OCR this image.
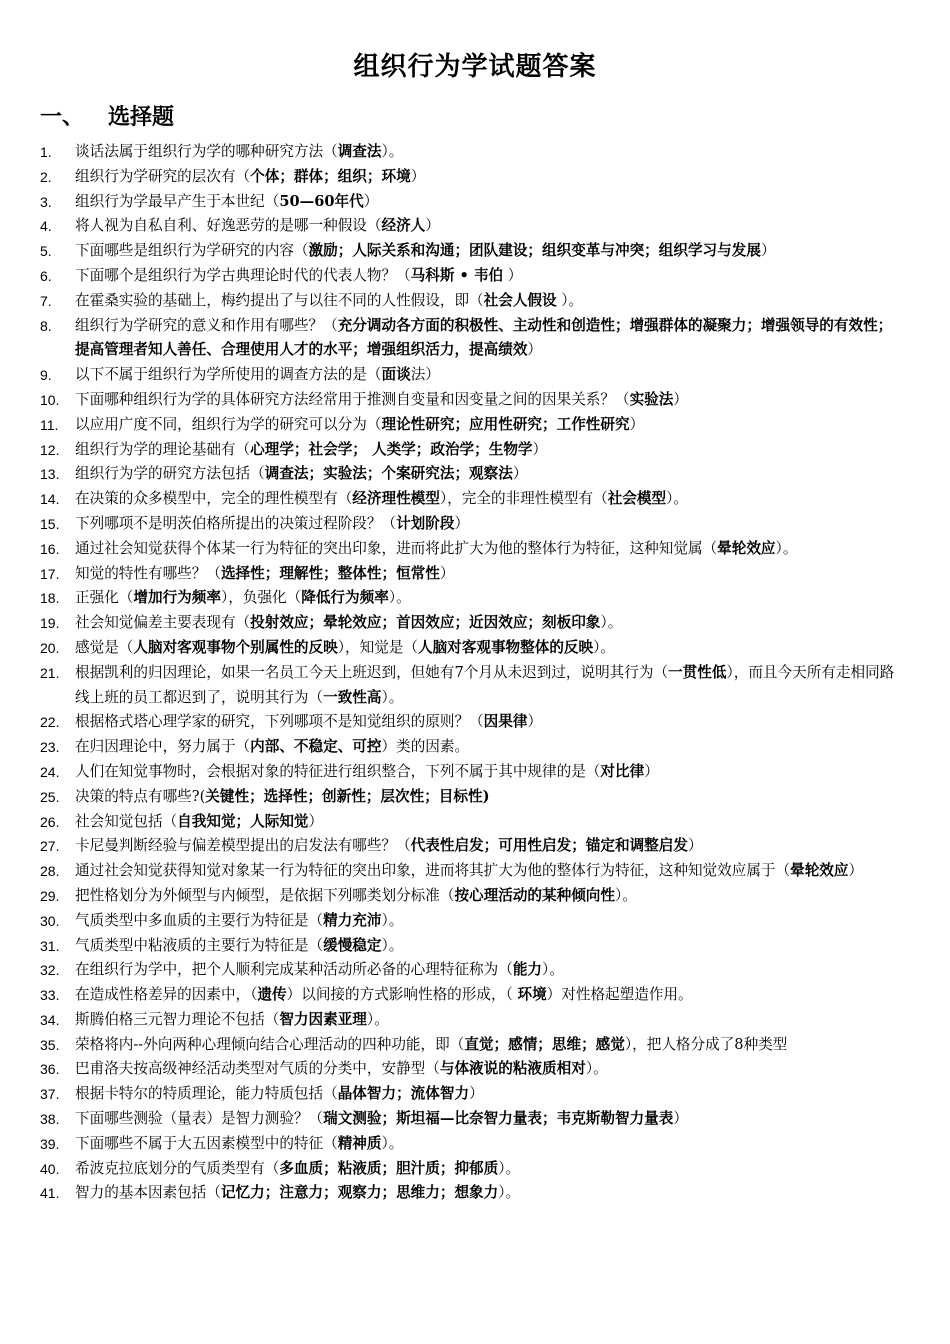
组织行为学试题答案
一、 选择题
1. 谈话法属于组织行为学的哪种研究方法（调查法）。
2. 组织行为学研究的层次有（个体；群体；组织；环境）
3. 组织行为学最早产生于本世纪（50—60年代）
4. 将人视为自私自利、好逸恶劳的是哪一种假设（经济人）
5. 下面哪些是组织行为学研究的内容（激励；人际关系和沟通；团队建设；组织变革与冲突；组织学习与发展）
6. 下面哪个是组织行为学古典理论时代的代表人物？（马科斯 • 韦伯 ）
7. 在霍桑实验的基础上，梅约提出了与以往不同的人性假设，即（社会人假设 ）。
8. 组织行为学研究的意义和作用有哪些？（充分调动各方面的积极性、主动性和创造性；增强群体的凝聚力；增强领导的有效性；提高管理者知人善任、合理使用人才的水平；增强组织活力，提高绩效）
9. 以下不属于组织行为学所使用的调查方法的是（面谈法）
10. 下面哪种组织行为学的具体研究方法经常用于推测自变量和因变量之间的因果关系？（实验法）
11. 以应用广度不同，组织行为学的研究可以分为（理论性研究；应用性研究；工作性研究）
12. 组织行为学的理论基础有（心理学；社会学； 人类学；政治学；生物学）
13. 组织行为学的研究方法包括（调查法；实验法；个案研究法；观察法）
14. 在决策的众多模型中，完全的理性模型有（经济理性模型），完全的非理性模型有（社会模型）。
15. 下列哪项不是明茨伯格所提出的决策过程阶段？（计划阶段）
16. 通过社会知觉获得个体某一行为特征的突出印象，进而将此扩大为他的整体行为特征，这种知觉属（晕轮效应）。
17. 知觉的特性有哪些？（选择性；理解性；整体性；恒常性）
18. 正强化（增加行为频率），负强化（降低行为频率）。
19. 社会知觉偏差主要表现有（投射效应；晕轮效应；首因效应；近因效应；刻板印象）。
20. 感觉是（人脑对客观事物个别属性的反映），知觉是（人脑对客观事物整体的反映）。
21. 根据凯利的归因理论，如果一名员工今天上班迟到，但她有7个月从未迟到过，说明其行为（一贯性低），而且今天所有走相同路线上班的员工都迟到了，说明其行为（一致性高）。
22. 根据格式塔心理学家的研究，下列哪项不是知觉组织的原则？（因果律）
23. 在归因理论中，努力属于（内部、不稳定、可控）类的因素。
24. 人们在知觉事物时，会根据对象的特征进行组织整合，下列不属于其中规律的是（对比律）
25. 决策的特点有哪些?(关键性；选择性；创新性；层次性；目标性)
26. 社会知觉包括（自我知觉；人际知觉）
27. 卡尼曼判断经验与偏差模型提出的启发法有哪些？（代表性启发；可用性启发；锚定和调整启发）
28. 通过社会知觉获得知觉对象某一行为特征的突出印象，进而将其扩大为他的整体行为特征，这种知觉效应属于（晕轮效应）
29. 把性格划分为外倾型与内倾型，是依据下列哪类划分标准（按心理活动的某种倾向性）。
30. 气质类型中多血质的主要行为特征是（精力充沛）。
31. 气质类型中粘液质的主要行为特征是（缓慢稳定）。
32. 在组织行为学中，把个人顺利完成某种活动所必备的心理特征称为（能力）。
33. 在造成性格差异的因素中，（遗传）以间接的方式影响性格的形成，（ 环境）对性格起塑造作用。
34. 斯腾伯格三元智力理论不包括（智力因素亚理）。
35. 荣格将内--外向两种心理倾向结合心理活动的四种功能，即（直觉；感情；思维；感觉），把人格分成了8种类型
36. 巴甫洛夫按高级神经活动类型对气质的分类中，安静型（与体液说的粘液质相对）。
37. 根据卡特尔的特质理论，能力特质包括（晶体智力；流体智力）
38. 下面哪些测验（量表）是智力测验？（瑞文测验；斯坦福—比奈智力量表；韦克斯勒智力量表）
39. 下面哪些不属于大五因素模型中的特征（精神质）。
40. 希波克拉底划分的气质类型有（多血质；粘液质；胆汁质；抑郁质）。
41. 智力的基本因素包括（记忆力；注意力；观察力；思维力；想象力）。
